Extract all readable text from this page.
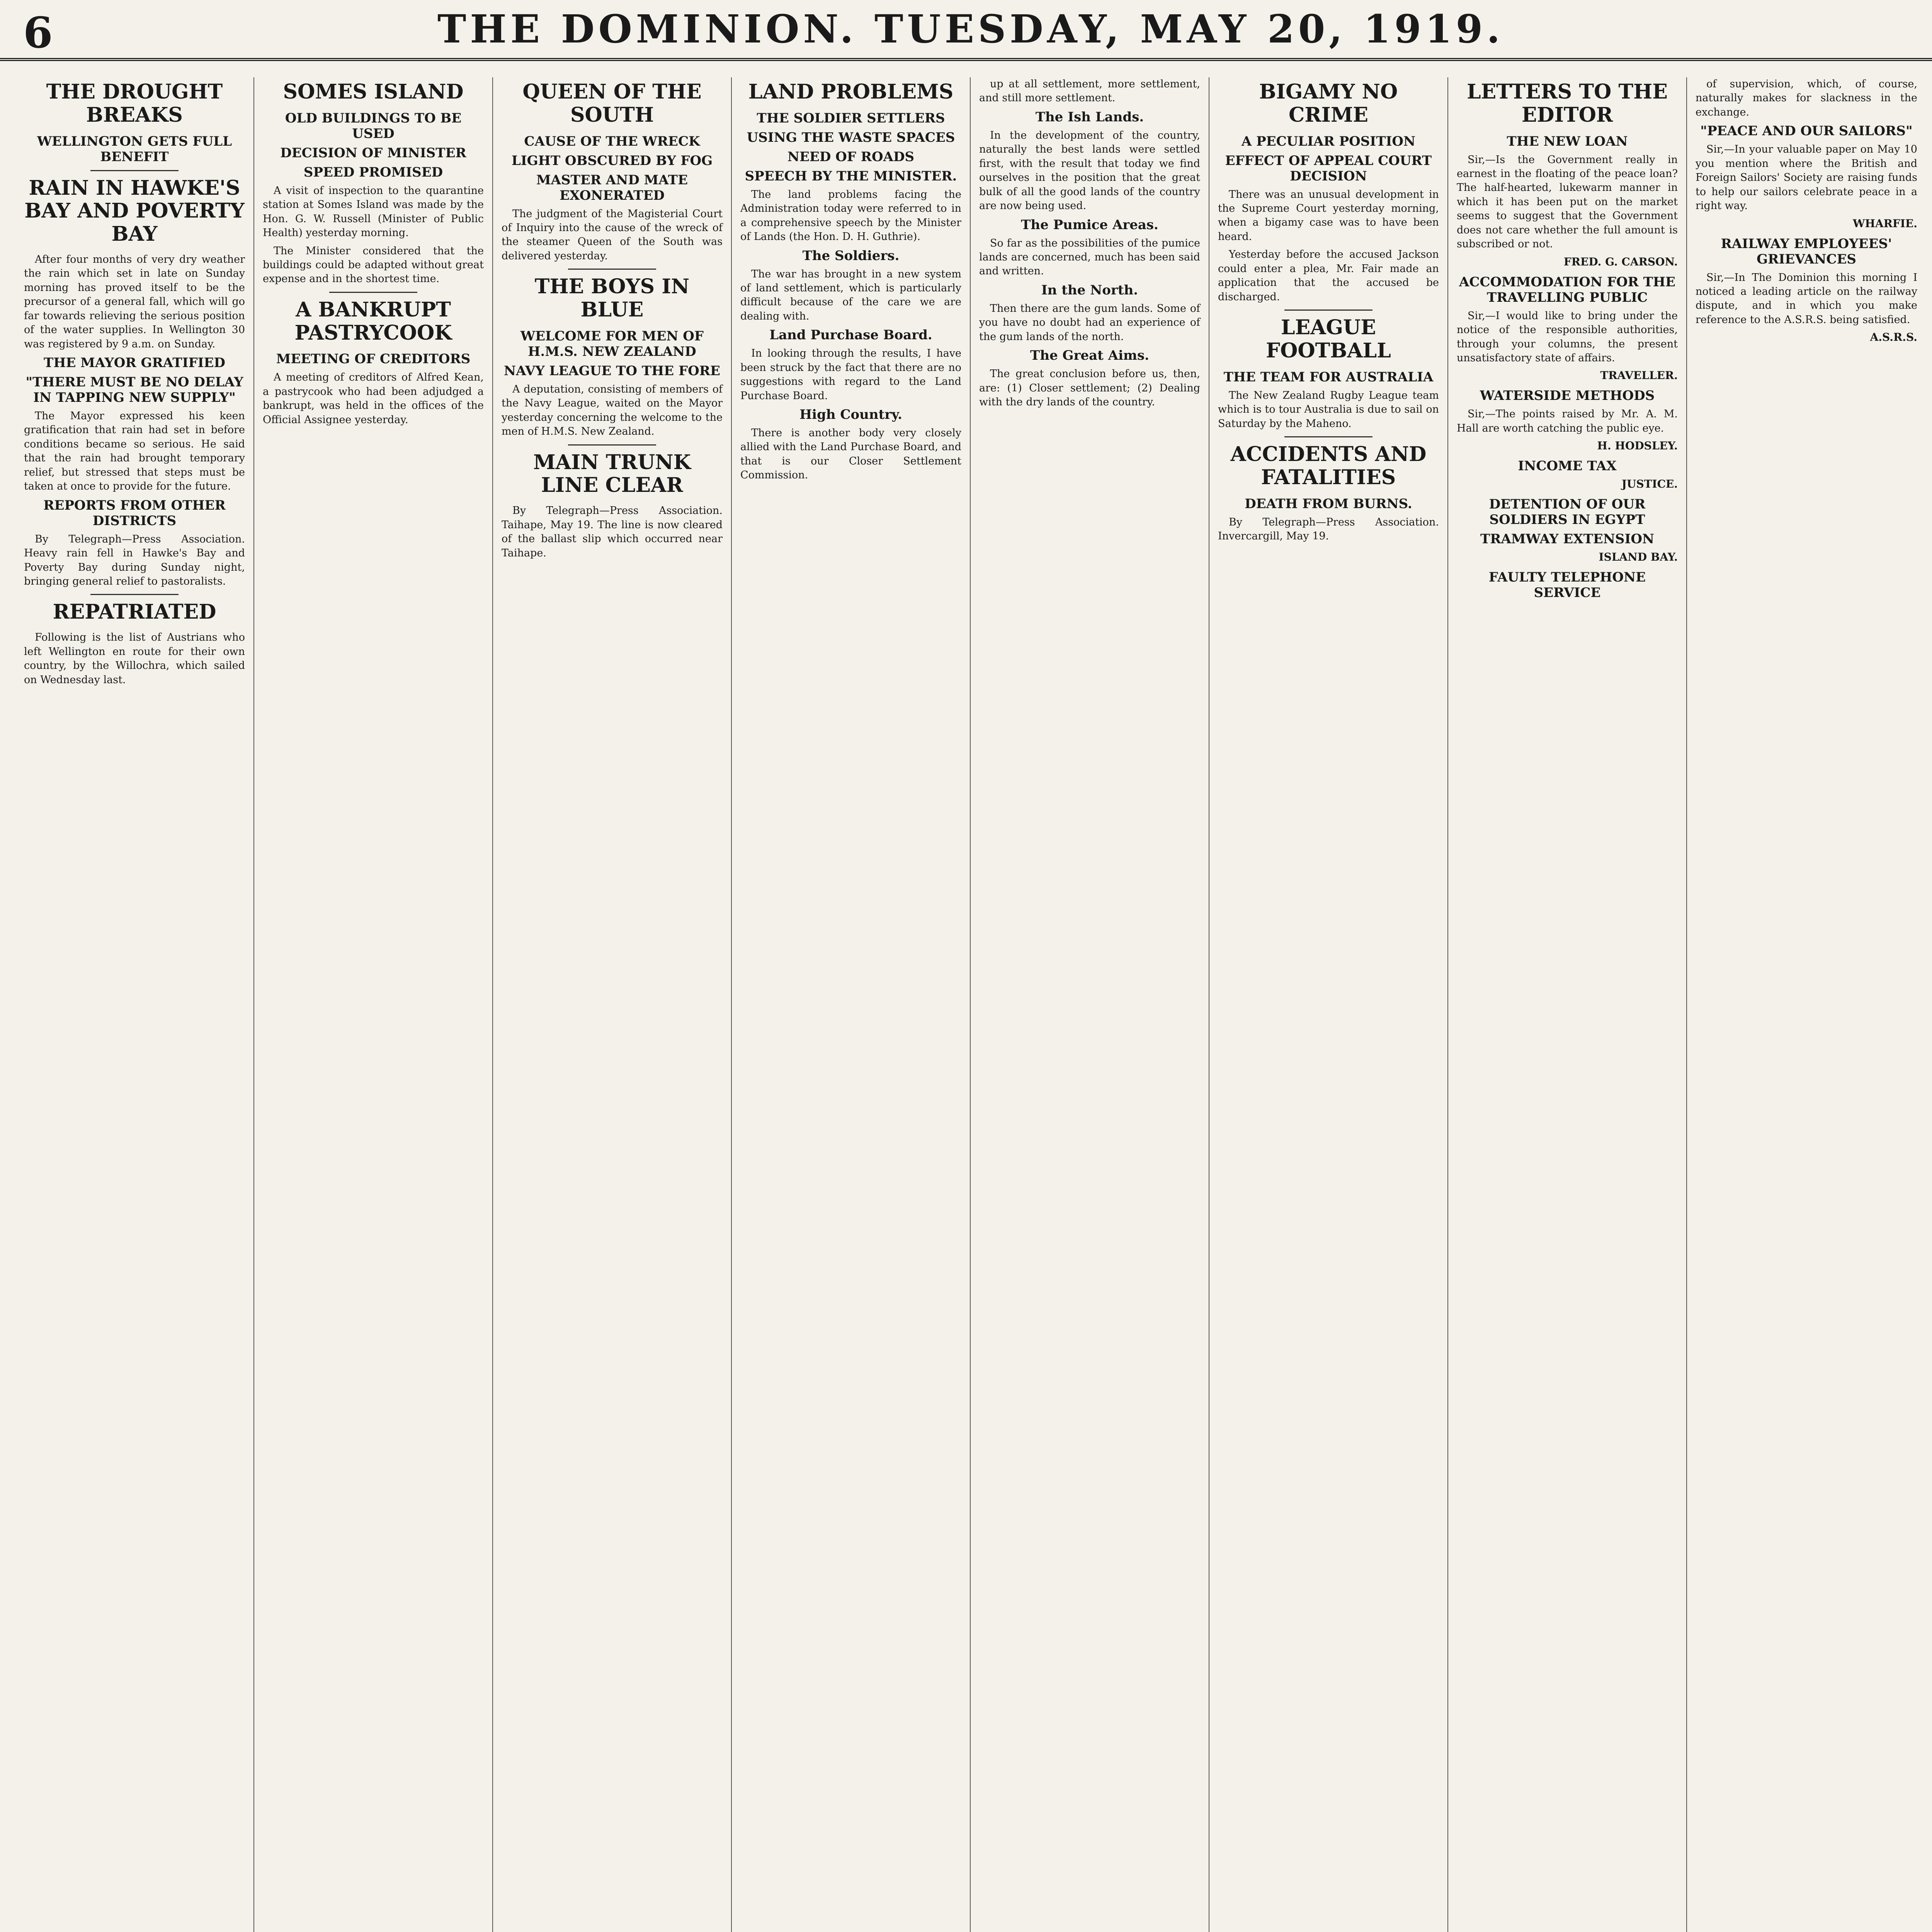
6	THE DOMINION. TUESDAY, MAY 20, 1919.
THE DROUGHT BREAKS
WELLINGTON GETS FULL BENEFIT
RAIN IN HAWKE'S BAY AND POVERTY BAY

After four months of very dry weather the rain which set in late on Sunday morning has proved itself to be the precursor of a general fall, which will go far towards relieving the serious position of the water supplies. In Wellington 30 was registered by 9 a.m. on Sunday.

THE MAYOR GRATIFIED
"THERE MUST BE NO DELAY IN TAPPING NEW SUPPLY"

The Mayor expressed his keen gratification that rain had set in before conditions became so serious. He said that the rain had brought temporary relief, but stressed that steps must be taken at once to provide for the future.

REPORTS FROM OTHER DISTRICTS

By Telegraph—Press Association. Heavy rain fell in Hawke's Bay and Poverty Bay during Sunday night, bringing general relief to pastoralists.

REPATRIATED

Following is the list of Austrians who left Wellington en route for their own country, by the Willochra, which sailed on Wednesday last.

SOMES ISLAND
OLD BUILDINGS TO BE USED
DECISION OF MINISTER
SPEED PROMISED

A visit of inspection to the quarantine station at Somes Island was made by the Hon. G. W. Russell (Minister of Public Health) yesterday morning.

The Minister considered that the buildings could be adapted without great expense and in the shortest time.

A BANKRUPT PASTRYCOOK
MEETING OF CREDITORS

A meeting of creditors of Alfred Kean, a pastrycook who had been adjudged a bankrupt, was held in the offices of the Official Assignee yesterday.

QUEEN OF THE SOUTH
CAUSE OF THE WRECK
LIGHT OBSCURED BY FOG
MASTER AND MATE EXONERATED

The judgment of the Magisterial Court of Inquiry into the cause of the wreck of the steamer Queen of the South was delivered yesterday.

THE BOYS IN BLUE
WELCOME FOR MEN OF H.M.S. NEW ZEALAND
NAVY LEAGUE TO THE FORE

A deputation, consisting of members of the Navy League, waited on the Mayor yesterday concerning the welcome to the men of H.M.S. New Zealand.

MAIN TRUNK LINE CLEAR

By Telegraph—Press Association. Taihape, May 19. The line is now cleared of the ballast slip which occurred near Taihape.

LAND PROBLEMS
THE SOLDIER SETTLERS
USING THE WASTE SPACES
NEED OF ROADS
SPEECH BY THE MINISTER.

The land problems facing the Administration today were referred to in a comprehensive speech by the Minister of Lands (the Hon. D. H. Guthrie).

The Soldiers.

The war has brought in a new system of land settlement, which is particularly difficult because of the care we are dealing with.

Land Purchase Board.

In looking through the results, I have been struck by the fact that there are no suggestions with regard to the Land Purchase Board.

High Country.

There is another body very closely allied with the Land Purchase Board, and that is our Closer Settlement Commission.

up at all settlement, more settlement, and still more settlement.

The Ish Lands.

In the development of the country, naturally the best lands were settled first, with the result that today we find ourselves in the position that the great bulk of all the good lands of the country are now being used.

The Pumice Areas.

So far as the possibilities of the pumice lands are concerned, much has been said and written.

In the North.

Then there are the gum lands. Some of you have no doubt had an experience of the gum lands of the north.

The Great Aims.

The great conclusion before us, then, are: (1) Closer settlement; (2) Dealing with the dry lands of the country.

BIGAMY NO CRIME
A PECULIAR POSITION
EFFECT OF APPEAL COURT DECISION

There was an unusual development in the Supreme Court yesterday morning, when a bigamy case was to have been heard.

Yesterday before the accused Jackson could enter a plea, Mr. Fair made an application that the accused be discharged.

LEAGUE FOOTBALL
THE TEAM FOR AUSTRALIA

The New Zealand Rugby League team which is to tour Australia is due to sail on Saturday by the Maheno.

ACCIDENTS AND FATALITIES
DEATH FROM BURNS.

By Telegraph—Press Association. Invercargill, May 19.

LETTERS TO THE EDITOR
THE NEW LOAN

Sir,—Is the Government really in earnest in the floating of the peace loan? The half-hearted, lukewarm manner in which it has been put on the market seems to suggest that the Government does not care whether the full amount is subscribed or not.

FRED. G. CARSON.
ACCOMMODATION FOR THE TRAVELLING PUBLIC

Sir,—I would like to bring under the notice of the responsible authorities, through your columns, the present unsatisfactory state of affairs.

TRAVELLER.
WATERSIDE METHODS

Sir,—The points raised by Mr. A. M. Hall are worth catching the public eye.

H. HODSLEY.
INCOME TAX
JUSTICE.
DETENTION OF OUR SOLDIERS IN EGYPT
TRAMWAY EXTENSION
ISLAND BAY.
FAULTY TELEPHONE SERVICE

of supervision, which, of course, naturally makes for slackness in the exchange.

"PEACE AND OUR SAILORS"

Sir,—In your valuable paper on May 10 you mention where the British and Foreign Sailors' Society are raising funds to help our sailors celebrate peace in a right way.

WHARFIE.
RAILWAY EMPLOYEES' GRIEVANCES

Sir,—In The Dominion this morning I noticed a leading article on the railway dispute, and in which you make reference to the A.S.R.S. being satisfied.

A.S.R.S.
